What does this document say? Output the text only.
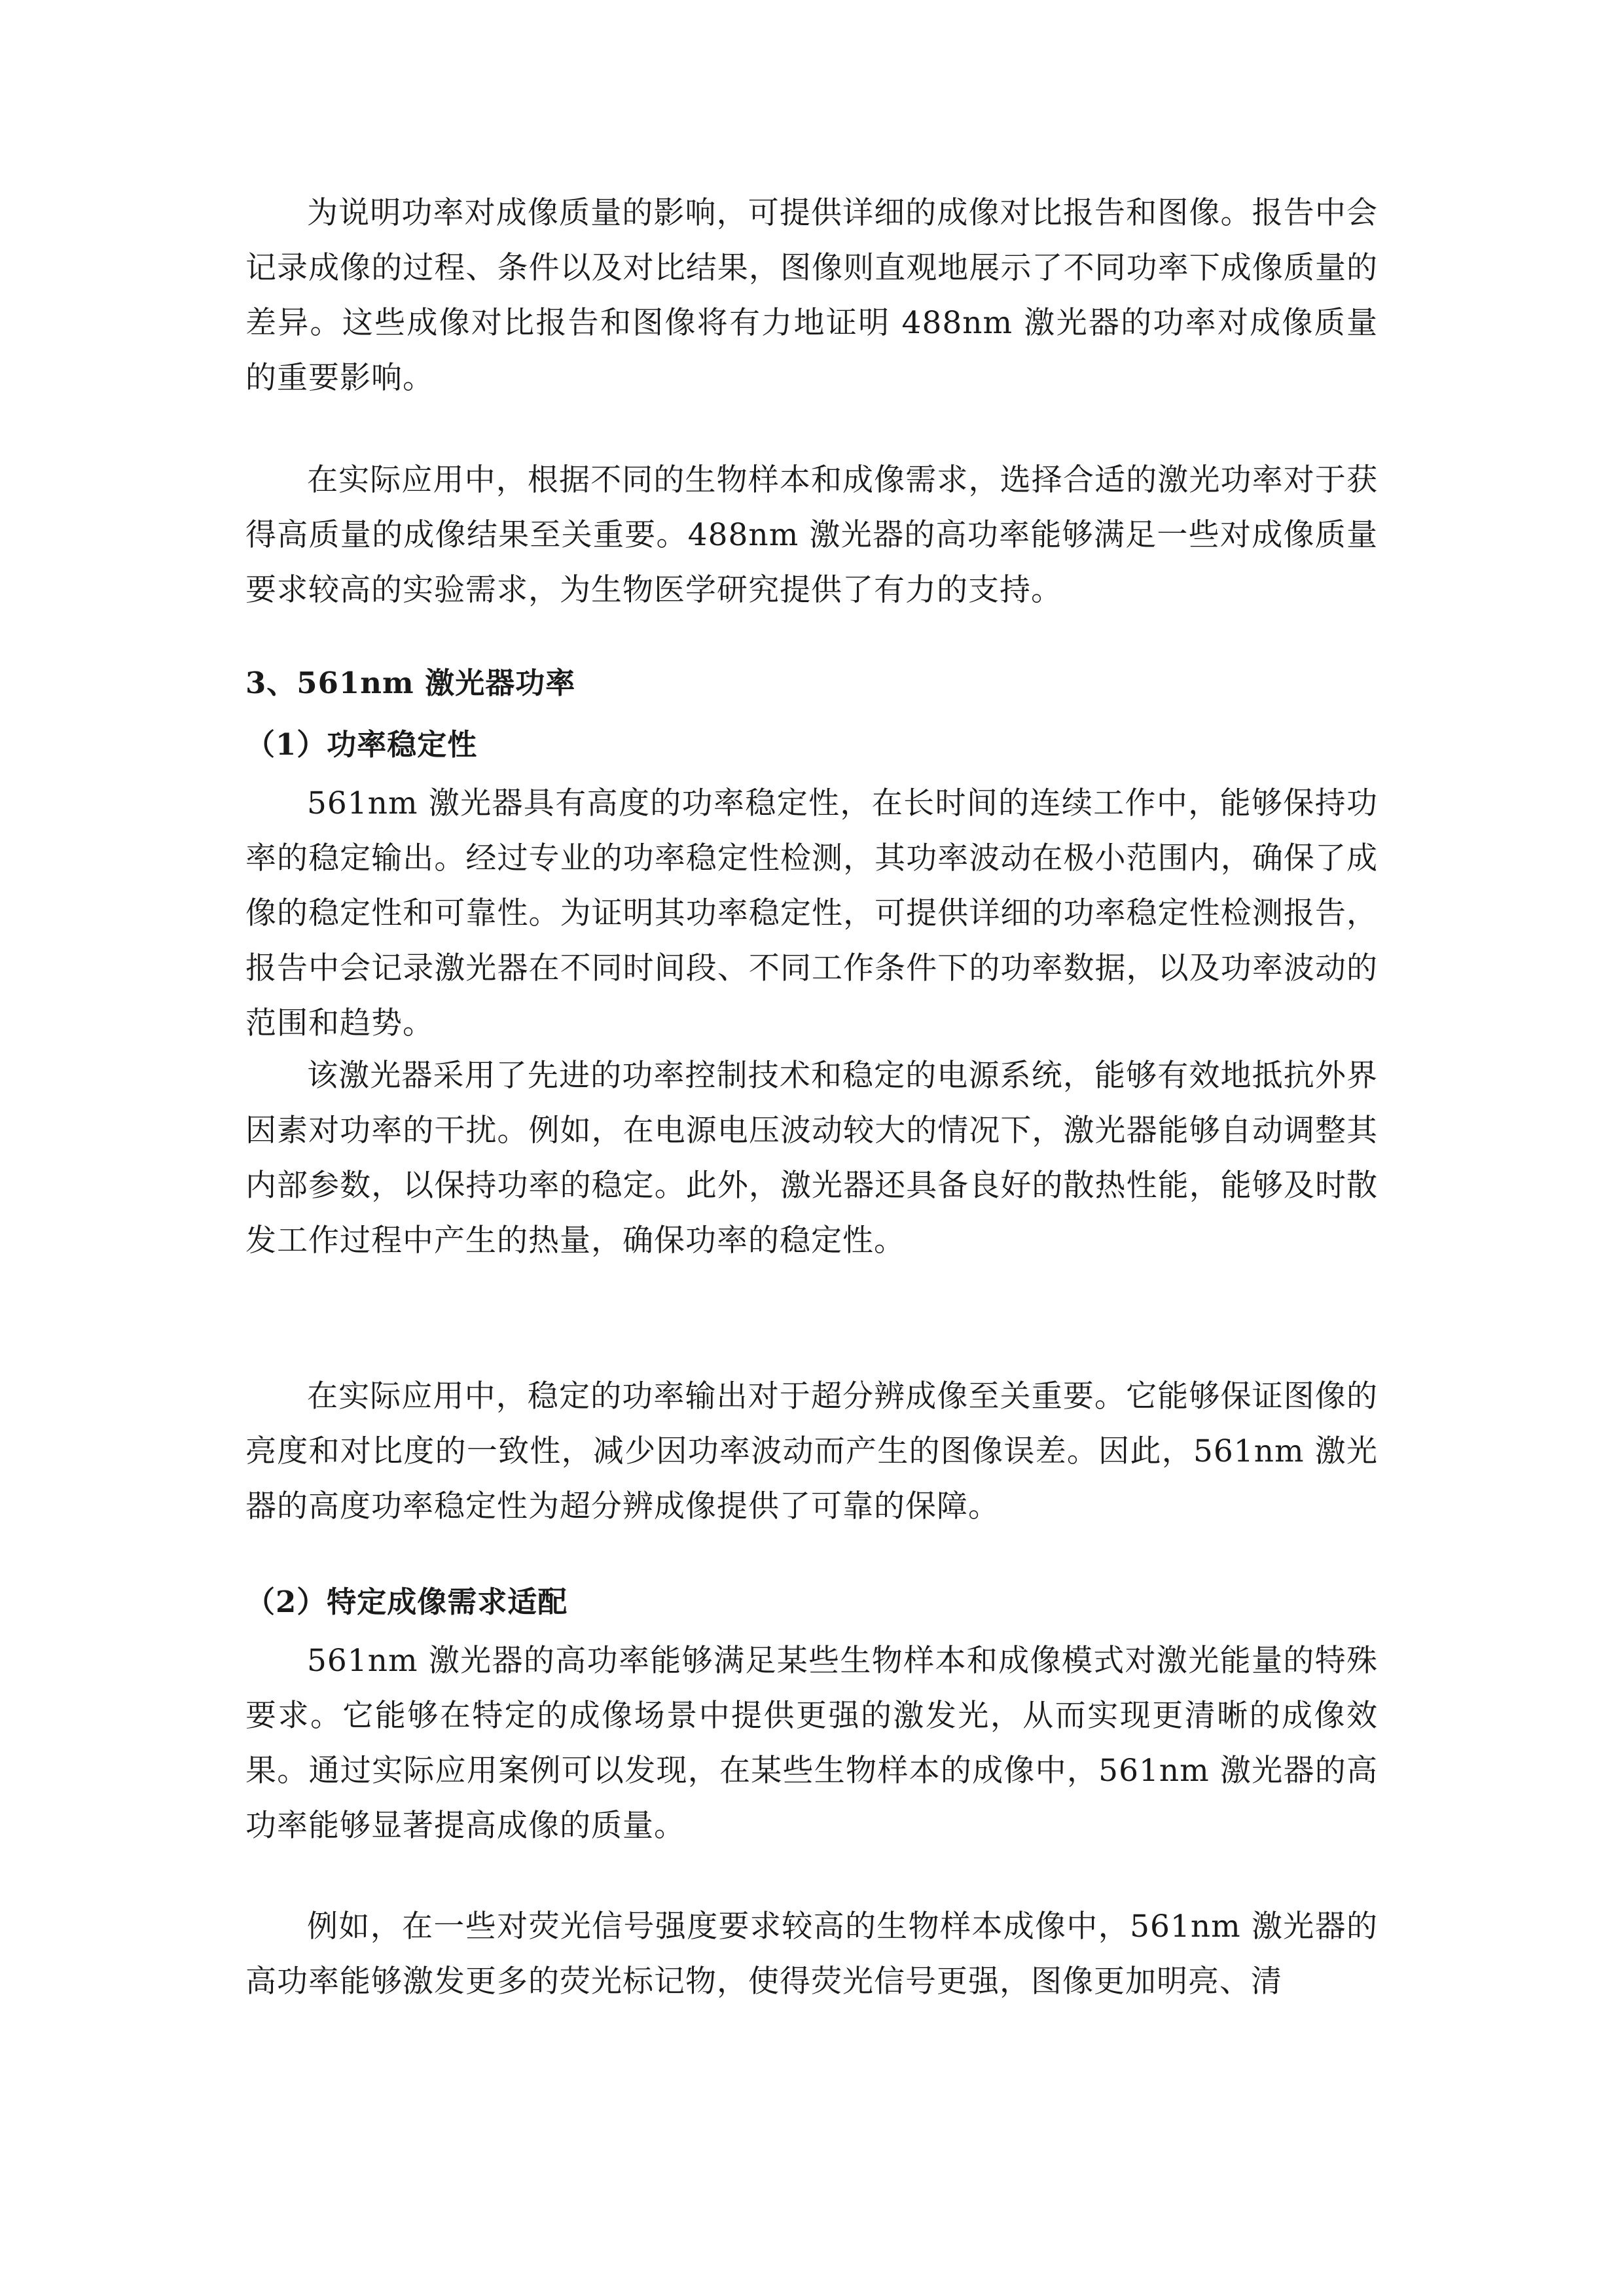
为说明功率对成像质量的影响，可提供详细的成像对比报告和图像。报告中会记录成像的过程、条件以及对比结果，图像则直观地展示了不同功率下成像质量的差异。这些成像对比报告和图像将有力地证明 488nm 激光器的功率对成像质量的重要影响。

在实际应用中，根据不同的生物样本和成像需求，选择合适的激光功率对于获得高质量的成像结果至关重要。488nm 激光器的高功率能够满足一些对成像质量要求较高的实验需求，为生物医学研究提供了有力的支持。

3、561nm 激光器功率
（1）功率稳定性

561nm 激光器具有高度的功率稳定性，在长时间的连续工作中，能够保持功率的稳定输出。经过专业的功率稳定性检测，其功率波动在极小范围内，确保了成像的稳定性和可靠性。为证明其功率稳定性，可提供详细的功率稳定性检测报告，报告中会记录激光器在不同时间段、不同工作条件下的功率数据，以及功率波动的范围和趋势。

该激光器采用了先进的功率控制技术和稳定的电源系统，能够有效地抵抗外界因素对功率的干扰。例如，在电源电压波动较大的情况下，激光器能够自动调整其内部参数，以保持功率的稳定。此外，激光器还具备良好的散热性能，能够及时散发工作过程中产生的热量，确保功率的稳定性。

在实际应用中，稳定的功率输出对于超分辨成像至关重要。它能够保证图像的亮度和对比度的一致性，减少因功率波动而产生的图像误差。因此，561nm 激光器的高度功率稳定性为超分辨成像提供了可靠的保障。

（2）特定成像需求适配

561nm 激光器的高功率能够满足某些生物样本和成像模式对激光能量的特殊要求。它能够在特定的成像场景中提供更强的激发光，从而实现更清晰的成像效果。通过实际应用案例可以发现，在某些生物样本的成像中，561nm 激光器的高功率能够显著提高成像的质量。

例如，在一些对荧光信号强度要求较高的生物样本成像中，561nm 激光器的高功率能够激发更多的荧光标记物，使得荧光信号更强，图像更加明亮、清
